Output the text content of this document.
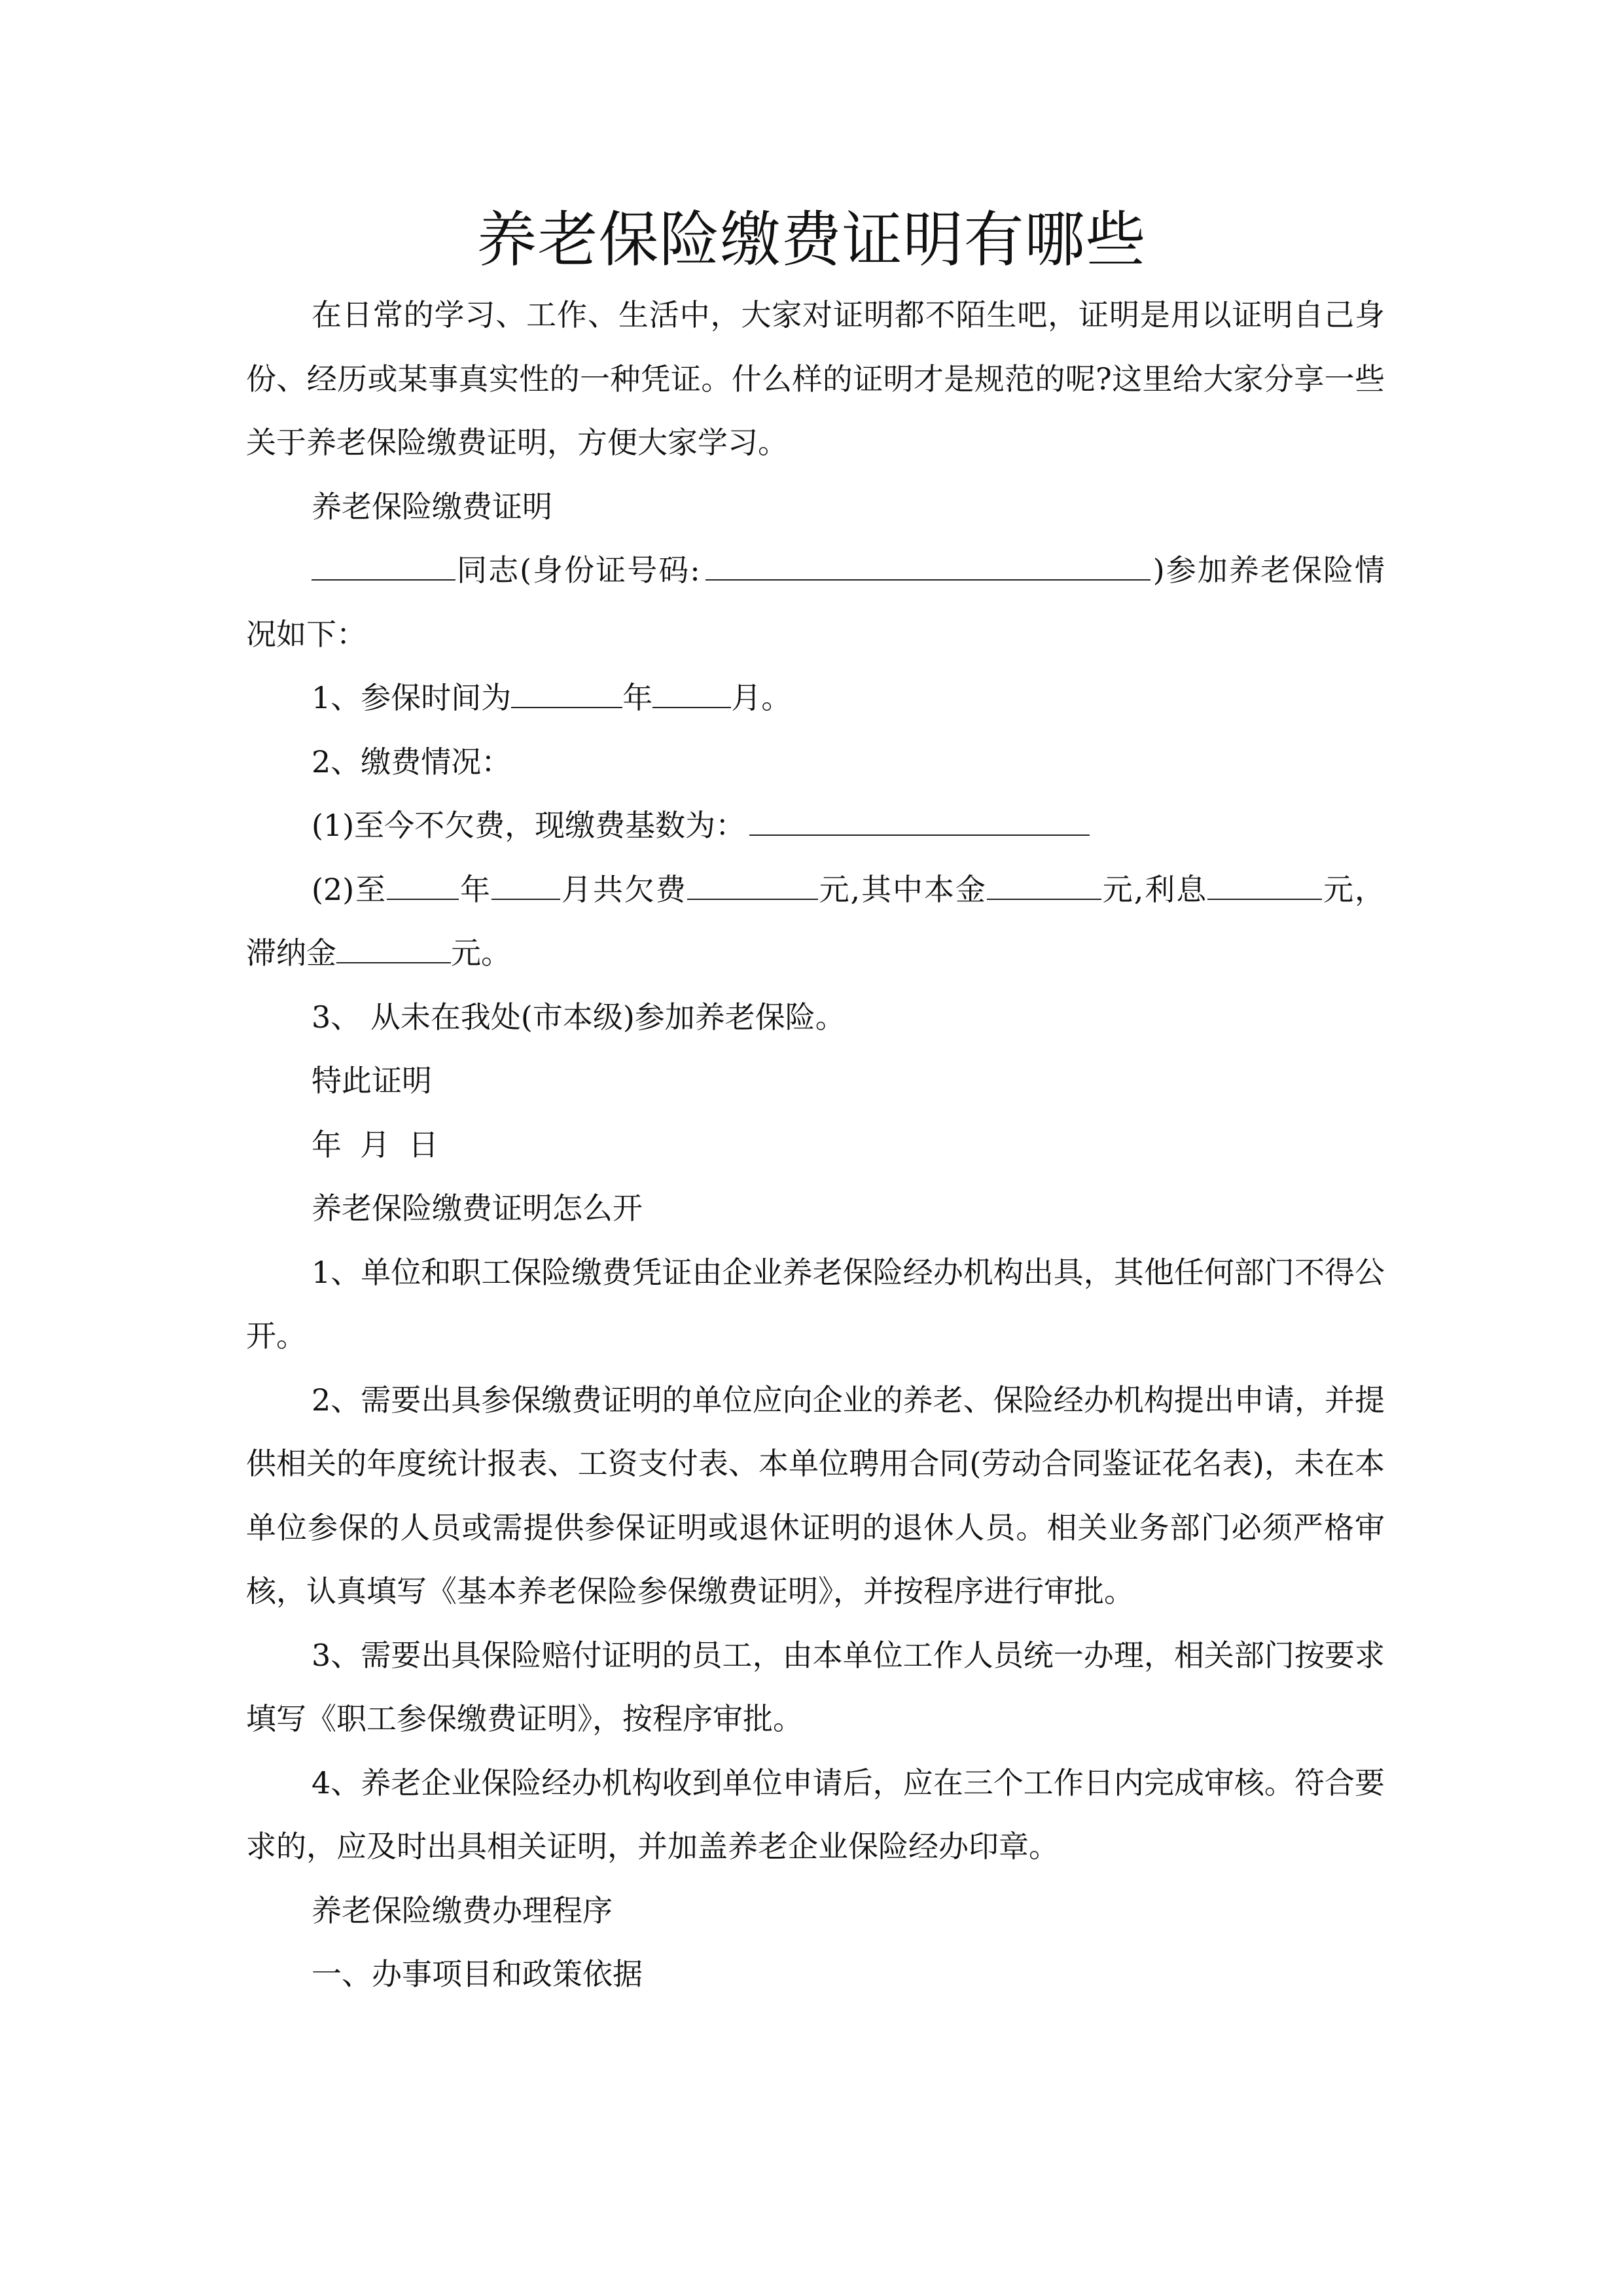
养老保险缴费证明有哪些

在日常的学习、工作、生活中，大家对证明都不陌生吧，证明是用以证明自己身份、经历或某事真实性的一种凭证。什么样的证明才是规范的呢?这里给大家分享一些关于养老保险缴费证明，方便大家学习。

养老保险缴费证明

同志(身份证号码:	)参加养老保险情况如下：

1、参保时间为	年	月。

2、缴费情况：

(1)至今不欠费，现缴费基数为：

(2)至 年 月共欠费	元,其中本金	元,利息	元，滞纳金	元。

3、 从未在我处(市本级)参加养老保险。

特此证明

年 月 日

养老保险缴费证明怎么开

1、单位和职工保险缴费凭证由企业养老保险经办机构出具，其他任何部门不得公开。

2、需要出具参保缴费证明的单位应向企业的养老、保险经办机构提出申请，并提供相关的年度统计报表、工资支付表、本单位聘用合同(劳动合同鉴证花名表)，未在本单位参保的人员或需提供参保证明或退休证明的退休人员。相关业务部门必须严格审核，认真填写《基本养老保险参保缴费证明》，并按程序进行审批。

3、需要出具保险赔付证明的员工，由本单位工作人员统一办理，相关部门按要求填写《职工参保缴费证明》，按程序审批。

4、养老企业保险经办机构收到单位申请后，应在三个工作日内完成审核。符合要求的，应及时出具相关证明，并加盖养老企业保险经办印章。

养老保险缴费办理程序

一、办事项目和政策依据
